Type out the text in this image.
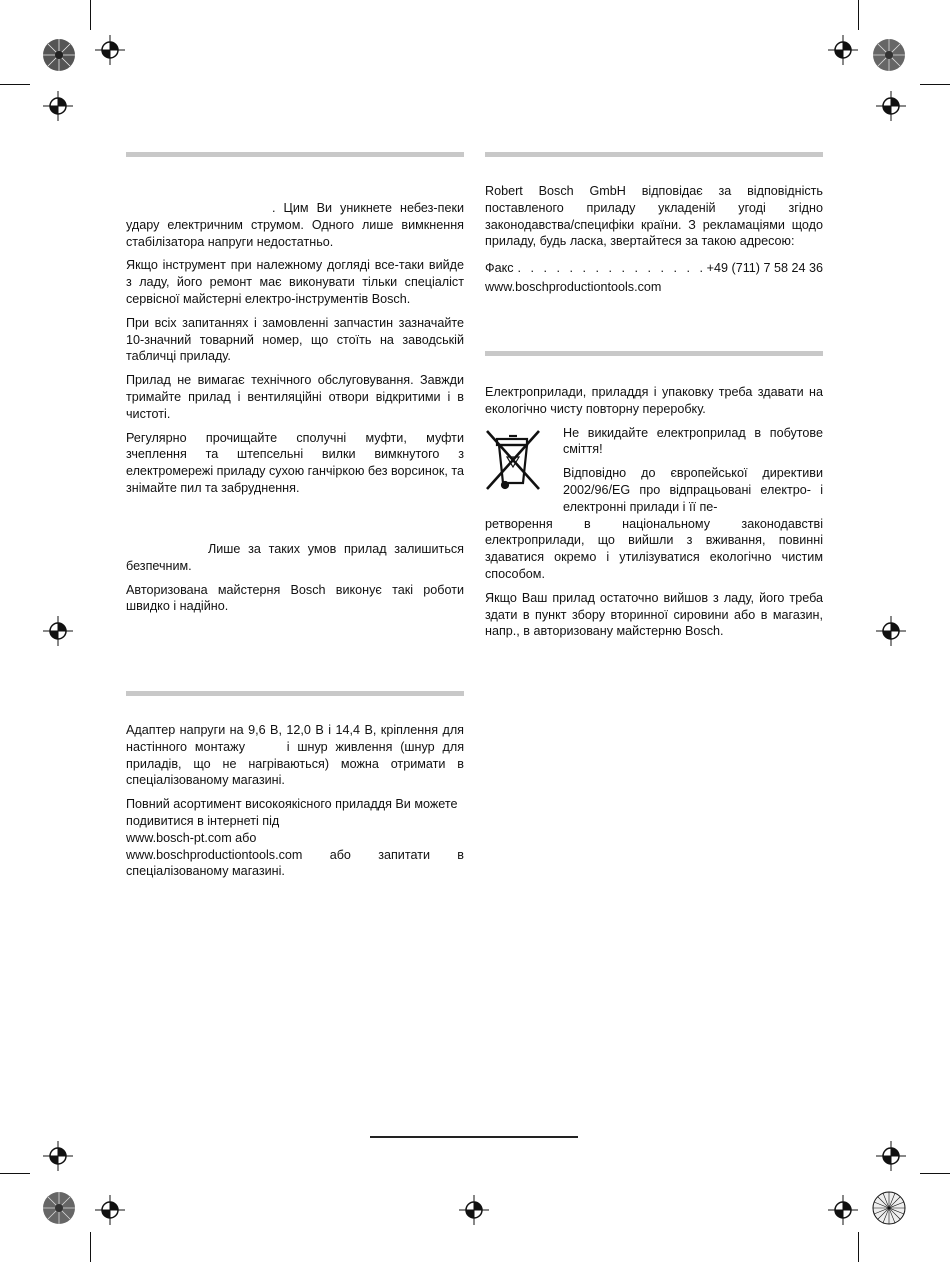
. Цим Ви уникнете небез-пеки удару електричним струмом. Одного лише вимкнення стабілізатора напруги недостатньо.

Якщо інструмент при належному догляді все-таки вийде з ладу, його ремонт має виконувати тільки спеціаліст сервісної майстерні електро-інструментів Bosch.

При всіх запитаннях і замовленні запчастин зазначайте 10-значний товарний номер, що стоїть на заводській табличці приладу.

Прилад не вимагає технічного обслуговування. Завжди тримайте прилад і вентиляційні отвори відкритими і в чистоті.

Регулярно прочищайте сполучні муфти, муфти зчеплення та штепсельні вилки вимкнутого з електромережі приладу сухою ганчіркою без ворсинок, та знімайте пил та забруднення.

Лише за таких умов прилад залишиться безпечним.

Авторизована майстерня Bosch виконує такі роботи швидко і надійно.

Адаптер напруги на 9,6 В, 12,0 В і 14,4 В, кріплення для настінного монтажу	і шнур живлення (шнур для приладів, що не нагріваються) можна отримати в спеціалізованому магазині.

Повний асортимент високоякісного приладдя Ви можете подивитися в інтернеті під
www.bosch-pt.com або

www.boschproductiontools.com або запитати в спеціалізованому магазині.

Robert Bosch GmbH відповідає за відповідність поставленого приладу укладеній угоді згідно законодавства/специфіки країни. З рекламаціями щодо приладу, будь ласка, звертайтеся за такою адресою:

Факс
. . .	+49 (711) 7 58 24 36

www.boschproductiontools.com

Електроприлади, приладдя і упаковку треба здавати на екологічно чисту повторну переробку.

Не викидайте електроприлад в побутове сміття!

Відповідно до європейської директиви 2002/96/EG про відпрацьовані електро- і електронні прилади і її пе-

ретворення в національному законодавстві електроприлади, що вийшли з вживання, повинні здаватися окремо і утилізуватися екологічно чистим способом.

Якщо Ваш прилад остаточно вийшов з ладу, його треба здати в пункт збору вторинної сировини або в магазин, напр., в авторизовану майстерню Bosch.
